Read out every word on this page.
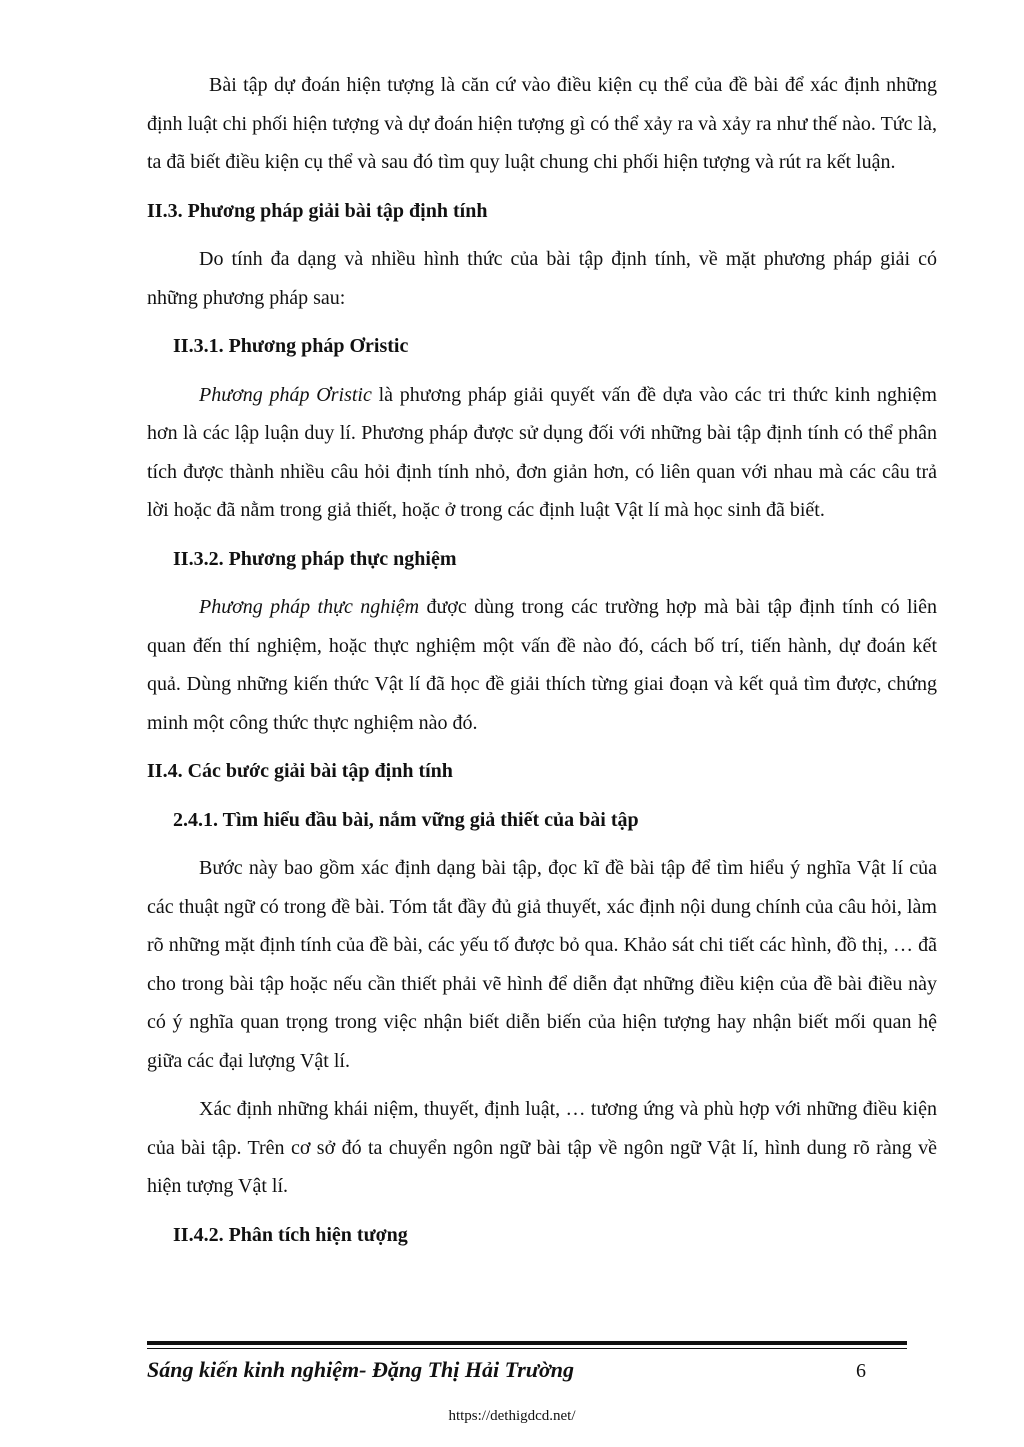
Bài tập dự đoán hiện tượng là căn cứ vào điều kiện cụ thể của đề bài để xác định những định luật chi phối hiện tượng và dự đoán hiện tượng gì có thể xảy ra và xảy ra như thế nào. Tức là, ta đã biết điều kiện cụ thể và sau đó tìm quy luật chung chi phối hiện tượng và rút ra kết luận.

II.3. Phương pháp giải bài tập định tính

Do tính đa dạng và nhiều hình thức của bài tập định tính, về mặt phương pháp giải có những phương pháp sau:

II.3.1. Phương pháp Ơristic

Phương pháp Ơristic là phương pháp giải quyết vấn đề dựa vào các tri thức kinh nghiệm hơn là các lập luận duy lí. Phương pháp được sử dụng đối với những bài tập định tính có thể phân tích được thành nhiều câu hỏi định tính nhỏ, đơn giản hơn, có liên quan với nhau mà các câu trả lời hoặc đã nằm trong giả thiết, hoặc ở trong các định luật Vật lí mà học sinh đã biết.

II.3.2. Phương pháp thực nghiệm

Phương pháp thực nghiệm được dùng trong các trường hợp mà bài tập định tính có liên quan đến thí nghiệm, hoặc thực nghiệm một vấn đề nào đó, cách bố trí, tiến hành, dự đoán kết quả. Dùng những kiến thức Vật lí đã học đề giải thích từng giai đoạn và kết quả tìm được, chứng minh một công thức thực nghiệm nào đó.

II.4. Các bước giải bài tập định tính
2.4.1. Tìm hiểu đầu bài, nắm vững giả thiết của bài tập

Bước này bao gồm xác định dạng bài tập, đọc kĩ đề bài tập để tìm hiểu ý nghĩa Vật lí của các thuật ngữ có trong đề bài. Tóm tắt đầy đủ giả thuyết, xác định nội dung chính của câu hỏi, làm rõ những mặt định tính của đề bài, các yếu tố được bỏ qua. Khảo sát chi tiết các hình, đồ thị, … đã cho trong bài tập hoặc nếu cần thiết phải vẽ hình để diễn đạt những điều kiện của đề bài điều này có ý nghĩa quan trọng trong việc nhận biết diễn biến của hiện tượng hay nhận biết mối quan hệ giữa các đại lượng Vật lí.

Xác định những khái niệm, thuyết, định luật, … tương ứng và phù hợp với những điều kiện của bài tập. Trên cơ sở đó ta chuyển ngôn ngữ bài tập về ngôn ngữ Vật lí, hình dung rõ ràng về hiện tượng Vật lí.

II.4.2. Phân tích hiện tượng
Sáng kiến kinh nghiệm- Đặng Thị Hải Trường	6
https://dethigdcd.net/
